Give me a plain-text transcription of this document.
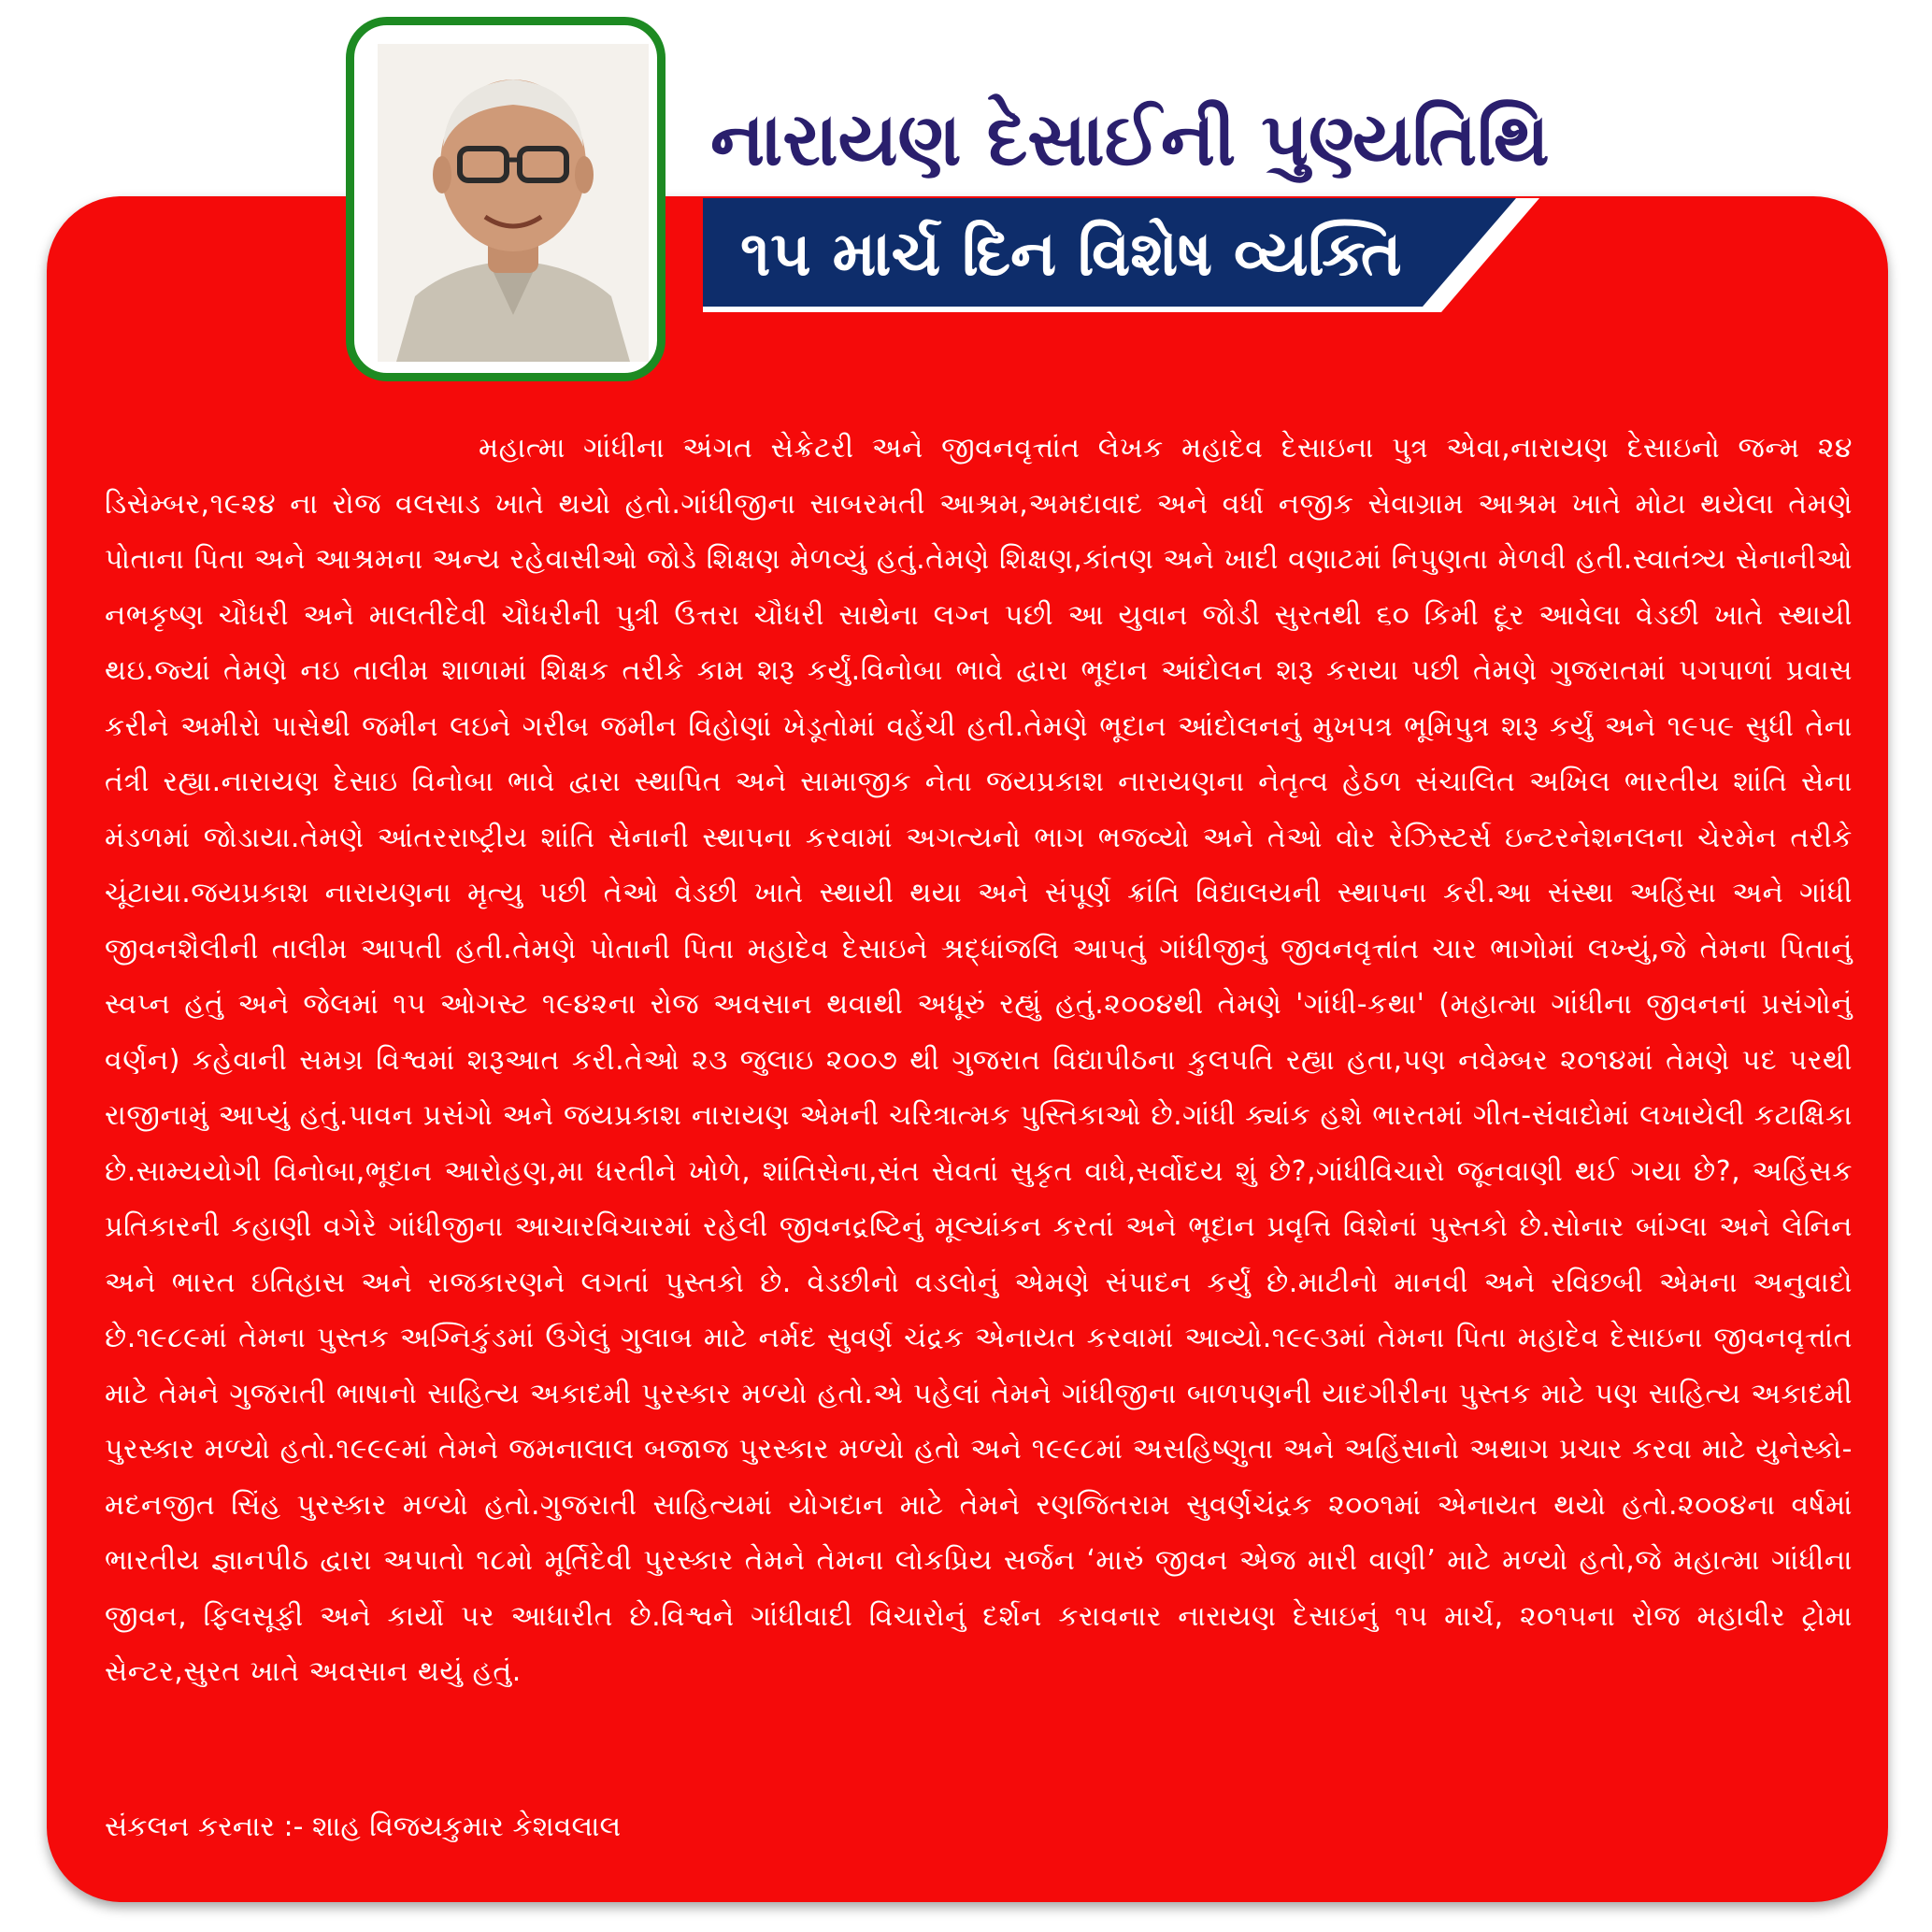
નારાયણ દેસાઈની પુણ્યતિથિ
૧૫ માર્ચ દિન વિશેષ વ્યક્તિ
મહાત્મા ગાંધીના અંગત સેક્રેટરી અને જીવનવૃત્તાંત લેખક મહાદેવ દેસાઇના પુત્ર એવા,નારાયણ દેસાઇનો જન્મ ૨૪ ડિસેમ્બર,૧૯૨૪ ના રોજ વલસાડ ખાતે થયો હતો.ગાંધીજીના સાબરમતી આશ્રમ,અમદાવાદ અને વર્ધા નજીક સેવાગ્રામ આશ્રમ ખાતે મોટા થયેલા તેમણે પોતાના પિતા અને આશ્રમના અન્ય રહેવાસીઓ જોડે શિક્ષણ મેળવ્યું હતું.તેમણે શિક્ષણ,કાંતણ અને ખાદી વણાટમાં નિપુણતા મેળવી હતી.સ્વાતંત્ર્ય સેનાનીઓ નભકૃષ્ણ ચૌધરી અને માલતીદેવી ચૌધરીની પુત્રી ઉત્તરા ચૌધરી સાથેના લગ્ન પછી આ યુવાન જોડી સુરતથી ૬૦ કિમી દૂર આવેલા વેડછી ખાતે સ્થાયી થઇ.જ્યાં તેમણે નઇ તાલીમ શાળામાં શિક્ષક તરીકે કામ શરૂ કર્યું.વિનોબા ભાવે દ્વારા ભૂદાન આંદોલન શરૂ કરાયા પછી તેમણે ગુજરાતમાં પગપાળાં પ્રવાસ કરીને અમીરો પાસેથી જમીન લઇને ગરીબ જમીન વિહોણાં ખેડૂતોમાં વહેંચી હતી.તેમણે ભૂદાન આંદોલનનું મુખપત્ર ભૂમિપુત્ર શરૂ કર્યું અને ૧૯૫૯ સુધી તેના તંત્રી રહ્યા.નારાયણ દેસાઇ વિનોબા ભાવે દ્વારા સ્થાપિત અને સામાજીક નેતા જયપ્રકાશ નારાયણના નેતૃત્વ હેઠળ સંચાલિત અખિલ ભારતીય શાંતિ સેના મંડળમાં જોડાયા.તેમણે આંતરરાષ્ટ્રીય શાંતિ સેનાની સ્થાપના કરવામાં અગત્યનો ભાગ ભજવ્યો અને તેઓ વોર રેઝિસ્ટર્સ ઇન્ટરનેશનલના ચેરમેન તરીકે ચૂંટાયા.જયપ્રકાશ નારાયણના મૃત્યુ પછી તેઓ વેડછી ખાતે સ્થાયી થયા અને સંપૂર્ણ ક્રાંતિ વિદ્યાલયની સ્થાપના કરી.આ સંસ્થા અહિંસા અને ગાંધી જીવનશૈલીની તાલીમ આપતી હતી.તેમણે પોતાની પિતા મહાદેવ દેસાઇને શ્રદ્ધાંજલિ આપતું ગાંધીજીનું જીવનવૃત્તાંત ચાર ભાગોમાં લખ્યું,જે તેમના પિતાનું સ્વપ્ન હતું અને જેલમાં ૧૫ ઓગસ્ટ ૧૯૪૨ના રોજ અવસાન થવાથી અધૂરું રહ્યું હતું.૨૦૦૪થી તેમણે 'ગાંધી-કથા' (મહાત્મા ગાંધીના જીવનનાં પ્રસંગોનું વર્ણન) કહેવાની સમગ્ર વિશ્વમાં શરૂઆત કરી.તેઓ ૨૩ જુલાઇ ૨૦૦૭ થી ગુજરાત વિદ્યાપીઠના કુલપતિ રહ્યા હતા,પણ નવેમ્બર ૨૦૧૪માં તેમણે પદ પરથી રાજીનામું આપ્યું હતું.પાવન પ્રસંગો અને જયપ્રકાશ નારાયણ એમની ચરિત્રાત્મક પુસ્તિકાઓ છે.ગાંધી ક્યાંક હશે ભારતમાં ગીત-સંવાદોમાં લખાયેલી કટાક્ષિકા છે.સામ્યયોગી વિનોબા,ભૂદાન આરોહણ,મા ધરતીને ખોળે, શાંતિસેના,સંત સેવતાં સુકૃત વાધે,સર્વોદય શું છે?,ગાંધીવિચારો જૂનવાણી થઈ ગયા છે?, અહિંસક પ્રતિકારની કહાણી વગેરે ગાંધીજીના આચારવિચારમાં રહેલી જીવનદ્રષ્ટિનું મૂલ્યાંકન કરતાં અને ભૂદાન પ્રવૃત્તિ વિશેનાં પુસ્તકો છે.સોનાર બાંગ્લા અને લેનિન અને ભારત ઇતિહાસ અને રાજકારણને લગતાં પુસ્તકો છે. વેડછીનો વડલોનું એમણે સંપાદન કર્યું છે.માટીનો માનવી અને રવિછબી એમના અનુવાદો છે.૧૯૮૯માં તેમના પુસ્તક અગ્નિકુંડમાં ઉગેલું ગુલાબ માટે નર્મદ સુવર્ણ ચંદ્રક એનાયત કરવામાં આવ્યો.૧૯૯૩માં તેમના પિતા મહાદેવ દેસાઇના જીવનવૃત્તાંત માટે તેમને ગુજરાતી ભાષાનો સાહિત્ય અકાદમી પુરસ્કાર મળ્યો હતો.એ પહેલાં તેમને ગાંધીજીના બાળપણની યાદગીરીના પુસ્તક માટે પણ સાહિત્ય અકાદમી પુરસ્કાર મળ્યો હતો.૧૯૯૯માં તેમને જમનાલાલ બજાજ પુરસ્કાર મળ્યો હતો અને ૧૯૯૮માં અસહિષ્ણુતા અને અહિંસાનો અથાગ પ્રચાર કરવા માટે યુનેસ્કો-મદનજીત સિંહ પુરસ્કાર મળ્યો હતો.ગુજરાતી સાહિત્યમાં યોગદાન માટે તેમને રણજિતરામ સુવર્ણચંદ્રક ૨૦૦૧માં એનાયત થયો હતો.૨૦૦૪ના વર્ષમાં ભારતીય જ્ઞાનપીઠ દ્વારા અપાતો ૧૮મો મૂર્તિદેવી પુરસ્કાર તેમને તેમના લોકપ્રિય સર્જન ‘મારું જીવન એજ મારી વાણી’ માટે મળ્યો હતો,જે મહાત્મા ગાંધીના જીવન, ફિલસૂફી અને કાર્યો પર આધારીત છે.વિશ્વને ગાંધીવાદી વિચારોનું દર્શન કરાવનાર નારાયણ દેસાઇનું ૧૫ માર્ચ, ૨૦૧૫ના રોજ મહાવીર ટ્રોમા સેન્ટર,સુરત ખાતે અવસાન થયું હતું.
સંકલન કરનાર :- શાહ વિજયકુમાર કેશવલાલ
